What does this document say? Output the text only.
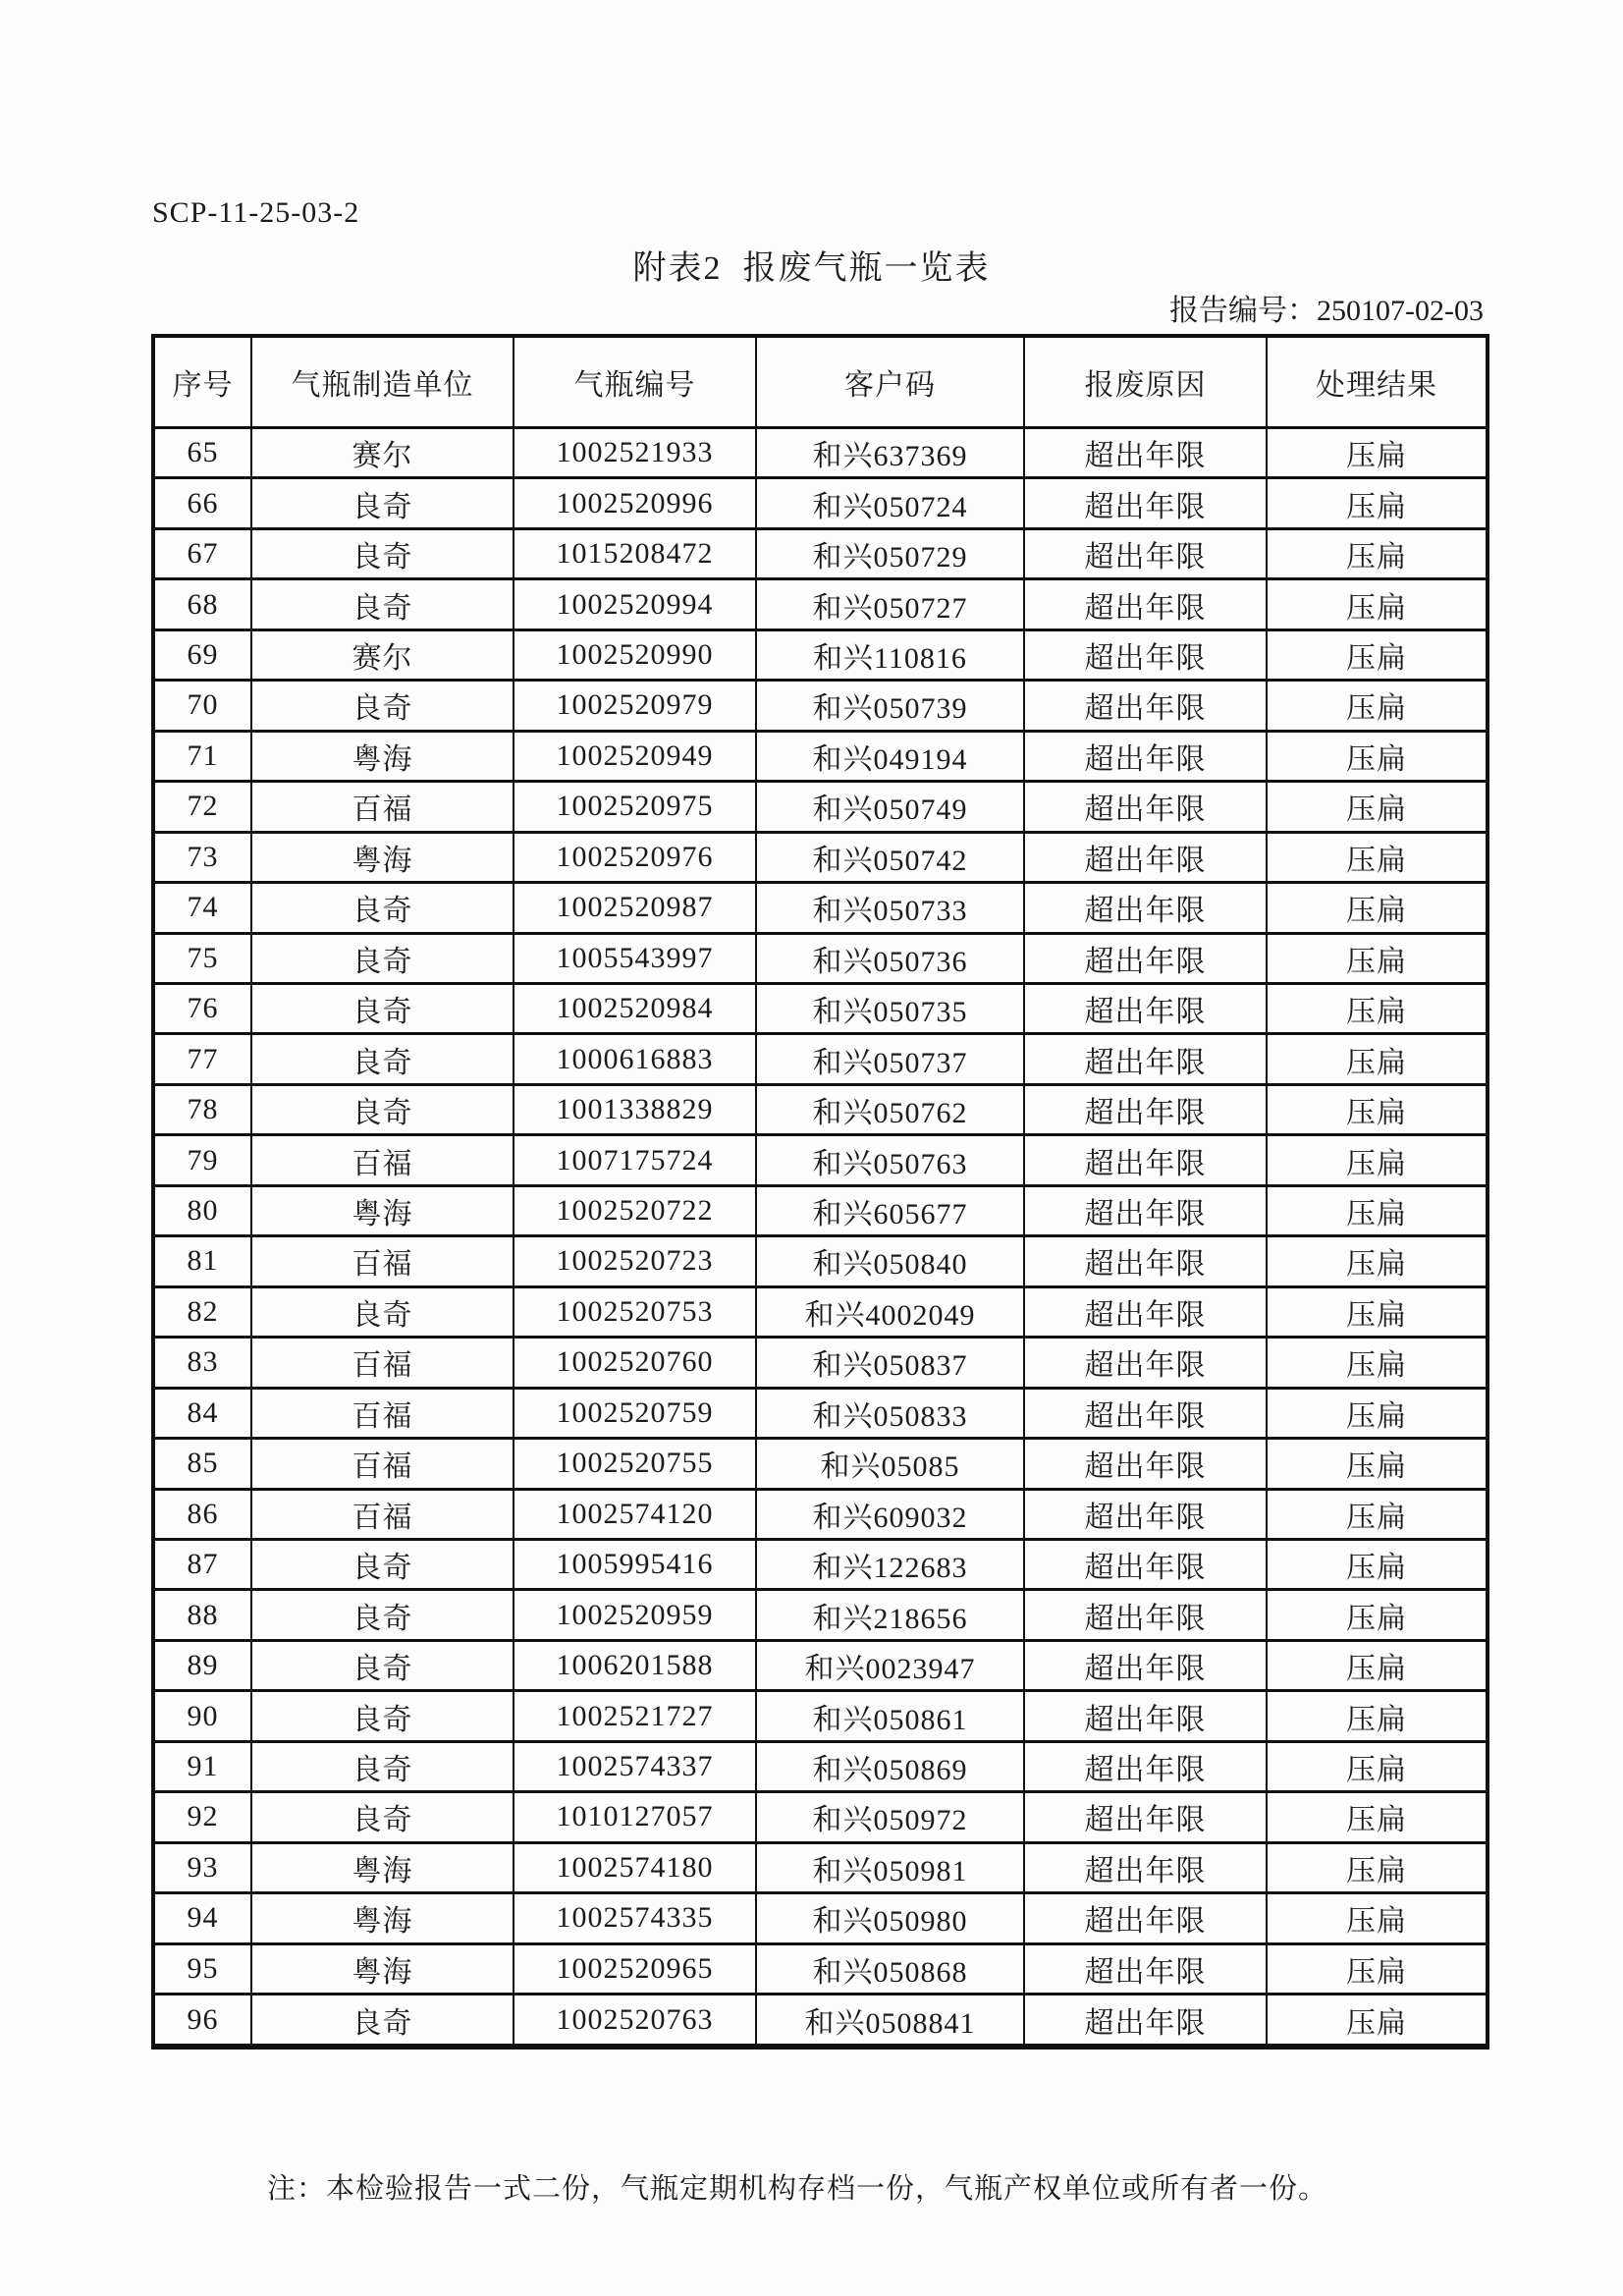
SCP-11-25-03-2
附表2  报废气瓶一览表
报告编号：250107-02-03
序号	气瓶制造单位	气瓶编号	客户码	报废原因	处理结果
65	赛尔	1002521933	和兴637369	超出年限	压扁
66	良奇	1002520996	和兴050724	超出年限	压扁
67	良奇	1015208472	和兴050729	超出年限	压扁
68	良奇	1002520994	和兴050727	超出年限	压扁
69	赛尔	1002520990	和兴110816	超出年限	压扁
70	良奇	1002520979	和兴050739	超出年限	压扁
71	粤海	1002520949	和兴049194	超出年限	压扁
72	百福	1002520975	和兴050749	超出年限	压扁
73	粤海	1002520976	和兴050742	超出年限	压扁
74	良奇	1002520987	和兴050733	超出年限	压扁
75	良奇	1005543997	和兴050736	超出年限	压扁
76	良奇	1002520984	和兴050735	超出年限	压扁
77	良奇	1000616883	和兴050737	超出年限	压扁
78	良奇	1001338829	和兴050762	超出年限	压扁
79	百福	1007175724	和兴050763	超出年限	压扁
80	粤海	1002520722	和兴605677	超出年限	压扁
81	百福	1002520723	和兴050840	超出年限	压扁
82	良奇	1002520753	和兴4002049	超出年限	压扁
83	百福	1002520760	和兴050837	超出年限	压扁
84	百福	1002520759	和兴050833	超出年限	压扁
85	百福	1002520755	和兴05085	超出年限	压扁
86	百福	1002574120	和兴609032	超出年限	压扁
87	良奇	1005995416	和兴122683	超出年限	压扁
88	良奇	1002520959	和兴218656	超出年限	压扁
89	良奇	1006201588	和兴0023947	超出年限	压扁
90	良奇	1002521727	和兴050861	超出年限	压扁
91	良奇	1002574337	和兴050869	超出年限	压扁
92	良奇	1010127057	和兴050972	超出年限	压扁
93	粤海	1002574180	和兴050981	超出年限	压扁
94	粤海	1002574335	和兴050980	超出年限	压扁
95	粤海	1002520965	和兴050868	超出年限	压扁
96	良奇	1002520763	和兴0508841	超出年限	压扁
注：本检验报告一式二份，气瓶定期机构存档一份，气瓶产权单位或所有者一份。
